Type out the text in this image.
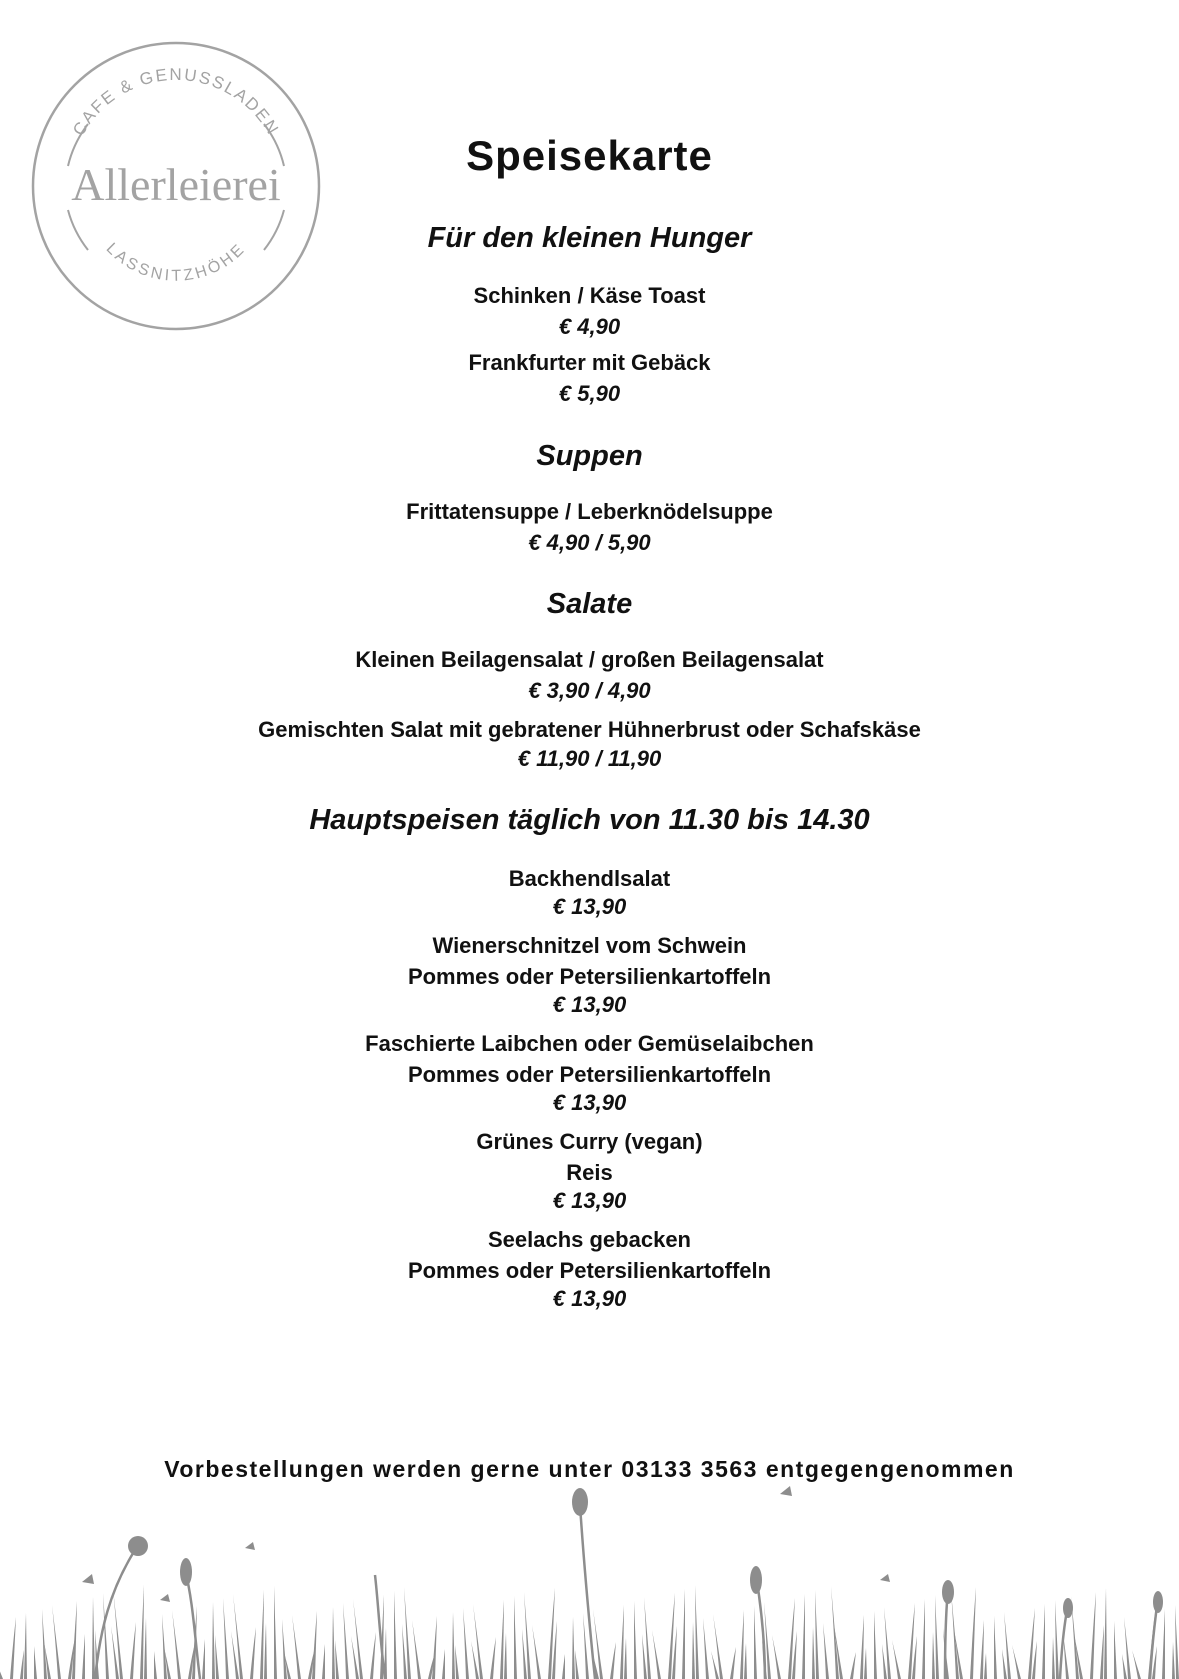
CAFE & GENUSSLADEN
Allerleierei
LASSNITZHÖHE
Speisekarte
Für den kleinen Hunger
Schinken / Käse Toast
€ 4,90
Frankfurter mit Gebäck
€ 5,90
Suppen
Frittatensuppe / Leberknödelsuppe
€ 4,90 / 5,90
Salate
Kleinen Beilagensalat / großen Beilagensalat
€ 3,90 / 4,90
Gemischten Salat mit gebratener Hühnerbrust oder Schafskäse
€ 11,90 / 11,90
Hauptspeisen täglich von 11.30 bis 14.30
Backhendlsalat
€ 13,90
Wienerschnitzel vom Schwein
Pommes oder Petersilienkartoffeln
€ 13,90
Faschierte Laibchen oder Gemüselaibchen
Pommes oder Petersilienkartoffeln
€ 13,90
Grünes Curry (vegan)
Reis
€ 13,90
Seelachs gebacken
Pommes oder Petersilienkartoffeln
€ 13,90
Vorbestellungen werden gerne unter 03133 3563 entgegengenommen
